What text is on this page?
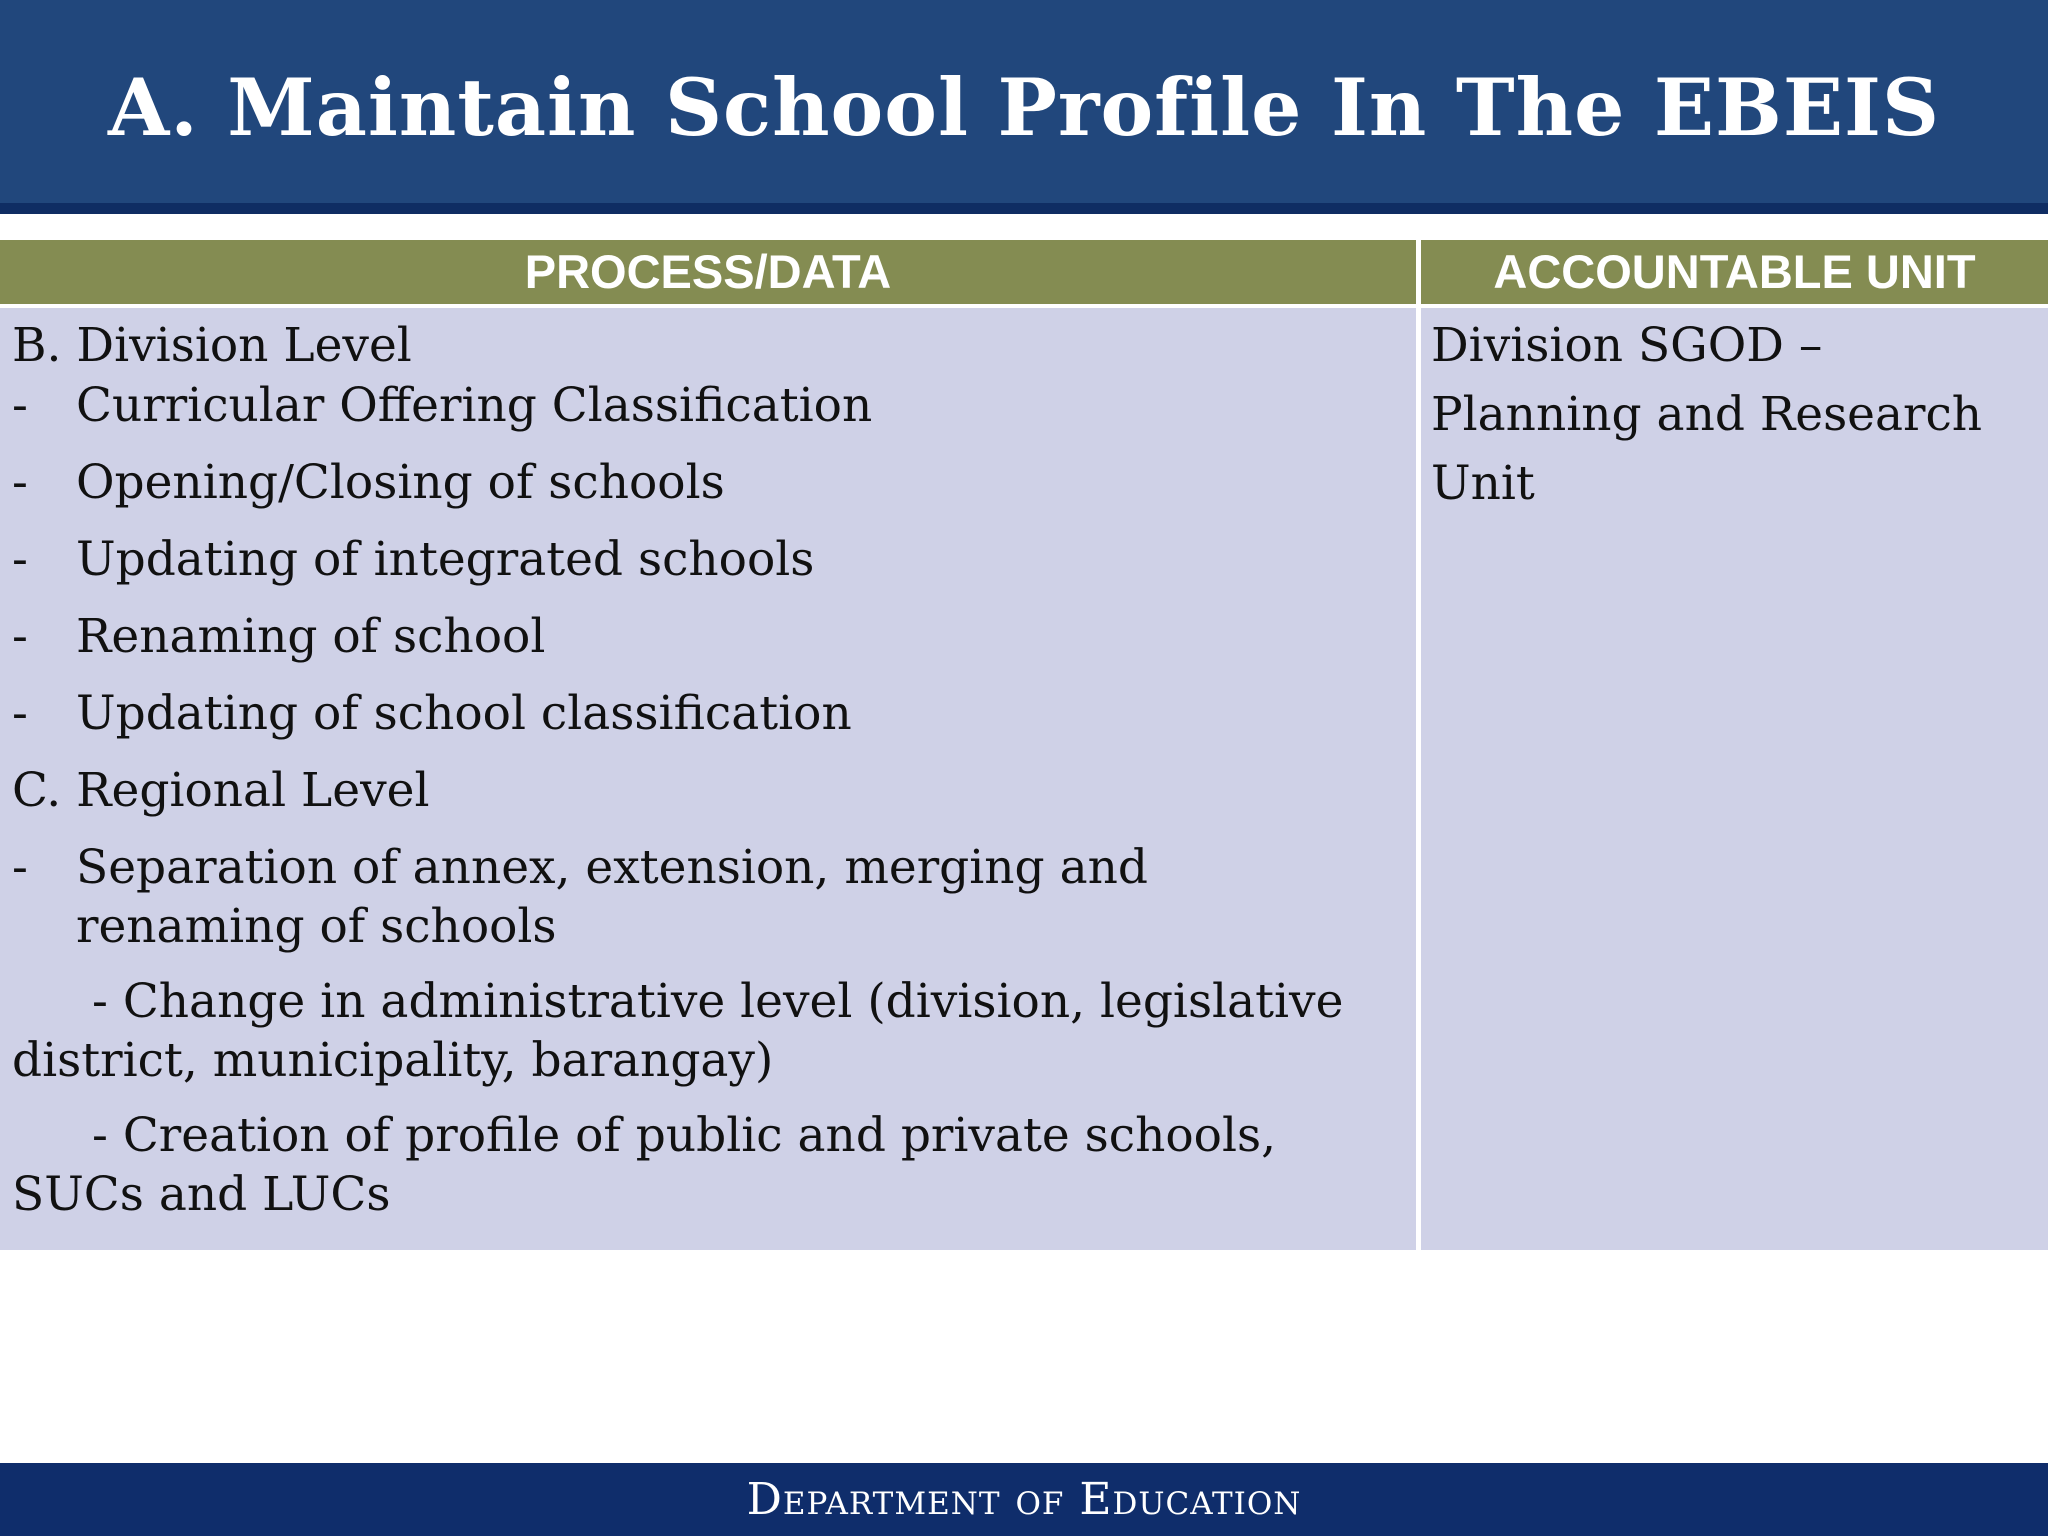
A. Maintain School Profile In The EBEIS
PROCESS/DATA	ACCOUNTABLE UNIT
B. Division Level
- Curricular Offering Classification
- Opening/Closing of schools
- Updating of integrated schools
- Renaming of school
- Updating of school classification
C. Regional Level
- Separation of annex, extension, merging and
renaming of schools
- Change in administrative level (division, legislative
district, municipality, barangay)
- Creation of profile of public and private schools,
SUCs and LUCs
Division SGOD –
Planning and Research
Unit
Department of Education
